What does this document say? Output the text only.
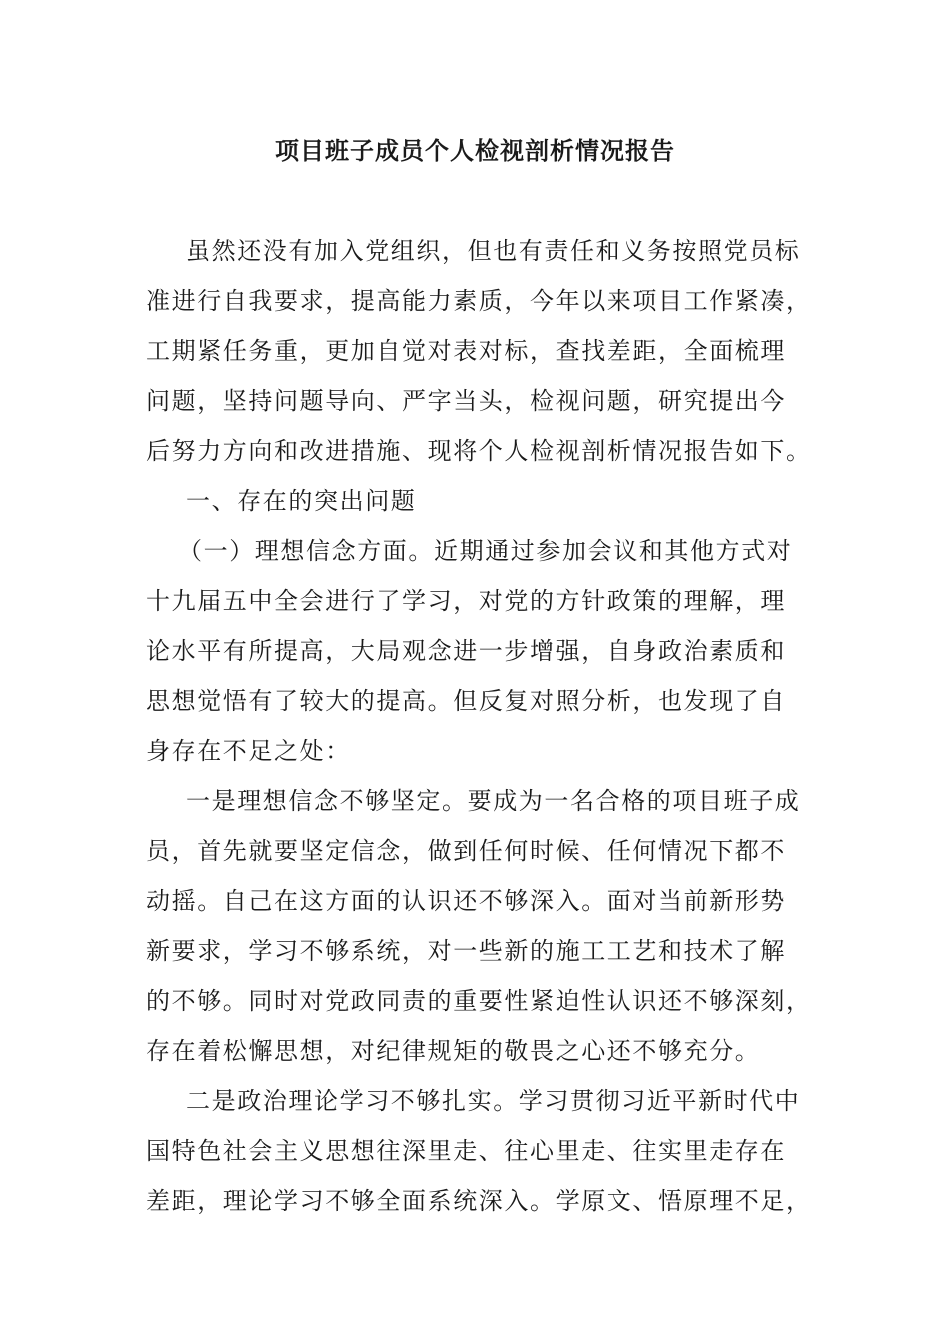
项目班子成员个人检视剖析情况报告
虽然还没有加入党组织，但也有责任和义务按照党员标
准进行自我要求，提高能力素质，今年以来项目工作紧凑，
工期紧任务重，更加自觉对表对标，查找差距，全面梳理
问题，坚持问题导向、严字当头，检视问题，研究提出今
后努力方向和改进措施、现将个人检视剖析情况报告如下。
一、存在的突出问题
（一）理想信念方面。近期通过参加会议和其他方式对
十九届五中全会进行了学习，对党的方针政策的理解，理
论水平有所提高，大局观念进一步增强，自身政治素质和
思想觉悟有了较大的提高。但反复对照分析，也发现了自
身存在不足之处：
一是理想信念不够坚定。要成为一名合格的项目班子成
员，首先就要坚定信念，做到任何时候、任何情况下都不
动摇。自己在这方面的认识还不够深入。面对当前新形势
新要求，学习不够系统，对一些新的施工工艺和技术了解
的不够。同时对党政同责的重要性紧迫性认识还不够深刻，
存在着松懈思想，对纪律规矩的敬畏之心还不够充分。
二是政治理论学习不够扎实。学习贯彻习近平新时代中
国特色社会主义思想往深里走、往心里走、往实里走存在
差距，理论学习不够全面系统深入。学原文、悟原理不足，
